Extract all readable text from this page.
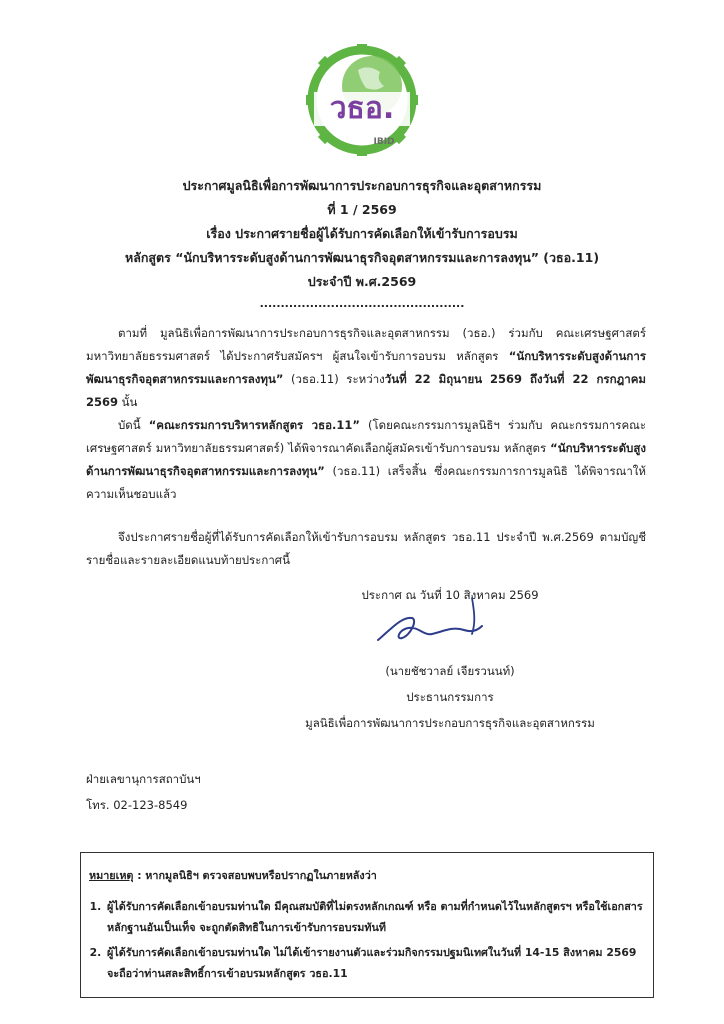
วธอ.
IBID
ประกาศมูลนิธิเพื่อการพัฒนาการประกอบการธุรกิจและอุตสาหกรรม
ที่ 1 / 2569
เรื่อง ประกาศรายชื่อผู้ได้รับการคัดเลือกให้เข้ารับการอบรม
หลักสูตร “นักบริหารระดับสูงด้านการพัฒนาธุรกิจอุตสาหกรรมและการลงทุน” (วธอ.11)
ประจำปี พ.ศ.2569
.................................................
ตามที่ มูลนิธิเพื่อการพัฒนาการประกอบการธุรกิจและอุตสาหกรรม (วธอ.) ร่วมกับ คณะเศรษฐศาสตร์ มหาวิทยาลัยธรรมศาสตร์ ได้ประกาศรับสมัครฯ ผู้สนใจเข้ารับการอบรม หลักสูตร “นักบริหารระดับสูงด้านการพัฒนาธุรกิจอุตสาหกรรมและการลงทุน” (วธอ.11) ระหว่างวันที่ 22 มิถุนายน 2569 ถึงวันที่ 22 กรกฎาคม 2569 นั้น
บัดนี้ “คณะกรรมการบริหารหลักสูตร วธอ.11” (โดยคณะกรรมการมูลนิธิฯ ร่วมกับ คณะกรรมการคณะเศรษฐศาสตร์ มหาวิทยาลัยธรรมศาสตร์) ได้พิจารณาคัดเลือกผู้สมัครเข้ารับการอบรม หลักสูตร “นักบริหารระดับสูงด้านการพัฒนาธุรกิจอุตสาหกรรมและการลงทุน” (วธอ.11) เสร็จสิ้น ซึ่งคณะกรรมการการมูลนิธิ ได้พิจารณาให้ความเห็นชอบแล้ว
จึงประกาศรายชื่อผู้ที่ได้รับการคัดเลือกให้เข้ารับการอบรม หลักสูตร วธอ.11 ประจำปี พ.ศ.2569 ตามบัญชีรายชื่อและรายละเอียดแนบท้ายประกาศนี้
ประกาศ ณ วันที่ 10 สิงหาคม 2569
(นายชัชวาลย์ เจียรวนนท์)
ประธานกรรมการ
มูลนิธิเพื่อการพัฒนาการประกอบการธุรกิจและอุตสาหกรรม
ฝ่ายเลขานุการสถาบันฯ
โทร. 02-123-8549
หมายเหตุ : หากมูลนิธิฯ ตรวจสอบพบหรือปรากฏในภายหลังว่า
1. ผู้ได้รับการคัดเลือกเข้าอบรมท่านใด มีคุณสมบัติที่ไม่ตรงหลักเกณฑ์ หรือ ตามที่กำหนดไว้ในหลักสูตรฯ หรือใช้เอกสารหลักฐานอันเป็นเท็จ จะถูกตัดสิทธิในการเข้ารับการอบรมทันที
2. ผู้ได้รับการคัดเลือกเข้าอบรมท่านใด ไม่ได้เข้ารายงานตัวและร่วมกิจกรรมปฐมนิเทศในวันที่ 14-15 สิงหาคม 2569 จะถือว่าท่านสละสิทธิ์การเข้าอบรมหลักสูตร วธอ.11
